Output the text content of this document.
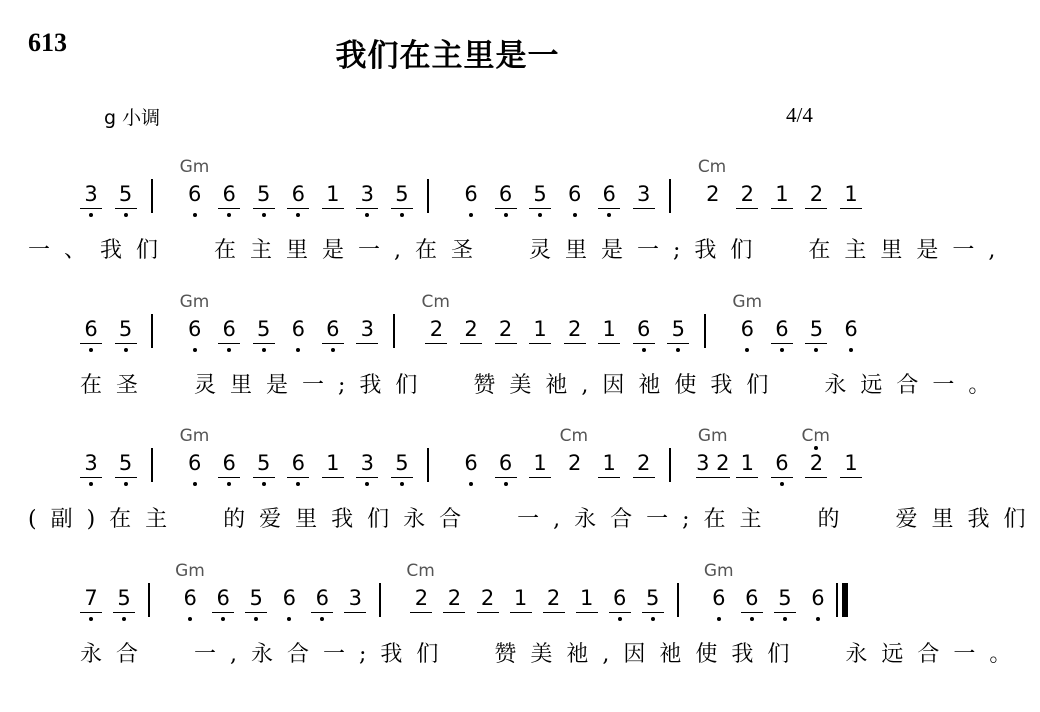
613	我们在主里是一
g 小调	4/4
3 5	6 6 5 6 1 3 5	6 6 5 6 6 3	2 2 1 2 1
Gm	Cm
一、我们  在主里是一,在圣  灵里是一;我们  在主里是一,
6 5	6 6 5 6 6 3	2 2 2 1 2 1 6 5	6 6 5 6
Gm	Cm	Gm
在圣  灵里是一;我们  赞美祂,因祂使我们  永远合一。
3 5	6 6 5 6 1 3 5	6 6 1 2 1 2 3 2 1 6 2 1
Gm	Cm	Gm	Cm
(副)在主  的爱里我们永合  一,永合一;在主  的  爱里我们
7 5	6 6 5 6 6 3	2 2 2 1 2 1 6 5	6 6 5 6
Gm	Cm	Gm
永合  一,永合一;我们  赞美祂,因祂使我们  永远合一。
